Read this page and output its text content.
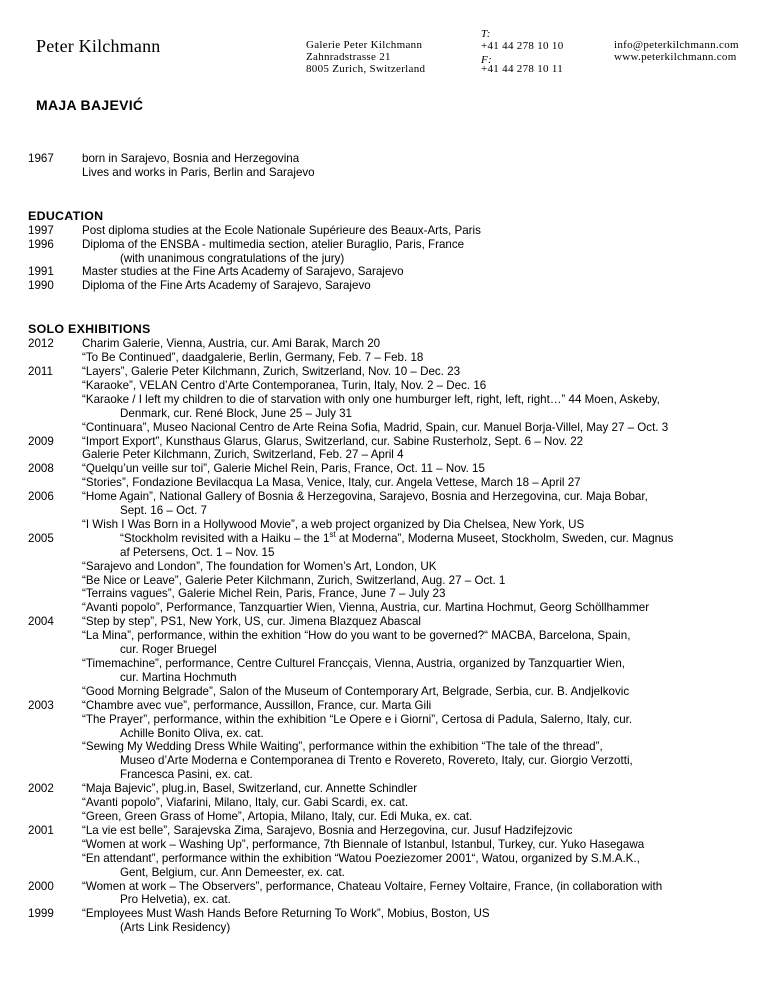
Peter Kilchmann	Galerie Peter Kilchmann
Zahnradstrasse 21
8005 Zurich, Switzerland
T:
+41 44 278 10 10
F:
+41 44 278 10 11
info@peterkilchmann.com
www.peterkilchmann.com
MAJA BAJEVIĆ
1967 born in Sarajevo, Bosnia and Herzegovina
Lives and works in Paris, Berlin and Sarajevo
EDUCATION
1997 Post diploma studies at the Ecole Nationale Supérieure des Beaux-Arts, Paris
1996 Diploma of the ENSBA - multimedia section, atelier Buraglio, Paris, France
(with unanimous congratulations of the jury)
1991 Master studies at the Fine Arts Academy of Sarajevo, Sarajevo
1990 Diploma of the Fine Arts Academy of Sarajevo, Sarajevo
SOLO EXHIBITIONS
2012 Charim Galerie, Vienna, Austria, cur. Ami Barak, March 20
“To Be Continued”, daadgalerie, Berlin, Germany, Feb. 7 – Feb. 18
2011	“Layers”, Galerie Peter Kilchmann, Zurich, Switzerland, Nov. 10 – Dec. 23
“Karaoke”, VELAN Centro d’Arte Contemporanea, Turin, Italy, Nov. 2 – Dec. 16
“Karaoke / I left my children to die of starvation with only one humburger left, right, left, right…” 44 Moen, Askeby,
Denmark, cur. René Block, June 25 – July 31
“Continuara”, Museo Nacional Centro de Arte Reina Sofia, Madrid, Spain, cur. Manuel Borja-Villel, May 27 – Oct. 3
2009 “Import Export”, Kunsthaus Glarus, Glarus, Switzerland, cur. Sabine Rusterholz, Sept. 6 – Nov. 22
Galerie Peter Kilchmann, Zurich, Switzerland, Feb. 27 – April 4
2008 “Quelqu’un veille sur toi”, Galerie Michel Rein, Paris, France, Oct. 11 – Nov. 15
“Stories”, Fondazione Bevilacqua La Masa, Venice, Italy, cur. Angela Vettese, March 18 – April 27
2006 “Home Again”, National Gallery of Bosnia & Herzegovina, Sarajevo, Bosnia and Herzegovina, cur. Maja Bobar,
Sept. 16 – Oct. 7
“I Wish I Was Born in a Hollywood Movie”, a web project organized by Dia Chelsea, New York, US
2005	“Stockholm revisited with a Haiku – the 1st at Moderna”, Moderna Museet, Stockholm, Sweden, cur. Magnus
af Petersens, Oct. 1 – Nov. 15
“Sarajevo and London”, The foundation for Women’s Art, London, UK
“Be Nice or Leave”, Galerie Peter Kilchmann, Zurich, Switzerland, Aug. 27 – Oct. 1
“Terrains vagues”, Galerie Michel Rein, Paris, France, June 7 – July 23
“Avanti popolo”, Performance, Tanzquartier Wien, Vienna, Austria, cur. Martina Hochmut, Georg Schöllhammer
2004 “Step by step”, PS1, New York, US, cur. Jimena Blazquez Abascal
“La Mina”, performance, within the exhition “How do you want to be governed?“ MACBA, Barcelona, Spain,
cur. Roger Bruegel
“Timemachine”, performance, Centre Culturel Francçais, Vienna, Austria, organized by Tanzquartier Wien,
cur. Martina Hochmuth
“Good Morning Belgrade”, Salon of the Museum of Contemporary Art, Belgrade, Serbia, cur. B. Andjelkovic
2003 “Chambre avec vue”, performance, Aussillon, France, cur. Marta Gili
“The Prayer”, performance, within the exhibition “Le Opere e i Giorni”, Certosa di Padula, Salerno, Italy, cur.
Achille Bonito Oliva, ex. cat.
“Sewing My Wedding Dress While Waiting”, performance within the exhibition “The tale of the thread”,
Museo d’Arte Moderna e Contemporanea di Trento e Rovereto, Rovereto, Italy, cur. Giorgio Verzotti,
Francesca Pasini, ex. cat.
2002 “Maja Bajevic”, plug.in, Basel, Switzerland, cur. Annette Schindler
“Avanti popolo”, Viafarini, Milano, Italy, cur. Gabi Scardi, ex. cat.
“Green, Green Grass of Home”, Artopia, Milano, Italy, cur. Edi Muka, ex. cat.
2001 “La vie est belle”, Sarajevska Zima, Sarajevo, Bosnia and Herzegovina, cur. Jusuf Hadzifejzovic
“Women at work – Washing Up”, performance, 7th Biennale of Istanbul, Istanbul, Turkey, cur. Yuko Hasegawa
“En attendant”, performance within the exhibition “Watou Poeziezomer 2001“, Watou, organized by S.M.A.K.,
Gent, Belgium, cur. Ann Demeester, ex. cat.
2000 “Women at work – The Observers”, performance, Chateau Voltaire, Ferney Voltaire, France, (in collaboration with
Pro Helvetia), ex. cat.
1999 “Employees Must Wash Hands Before Returning To Work”, Mobius, Boston, US
(Arts Link Residency)
